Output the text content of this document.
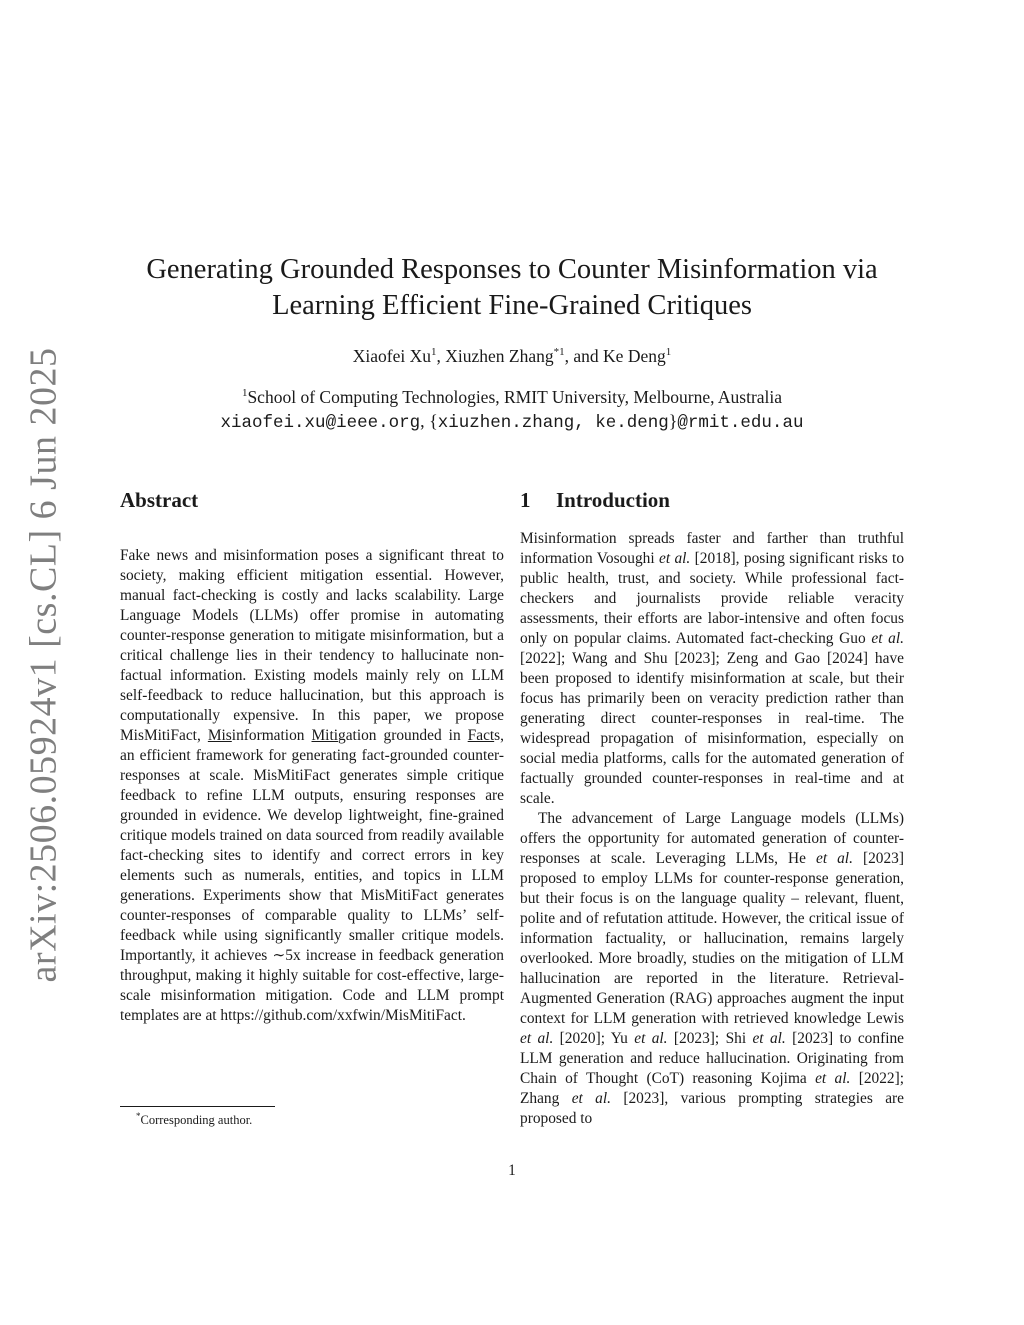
arXiv:2506.05924v1 [cs.CL] 6 Jun 2025
Generating Grounded Responses to Counter Misinformation via
Learning Efficient Fine-Grained Critiques
Xiaofei Xu$^1$, Xiuzhen Zhang$^{*1}$, and Ke Deng$^1$
$^1$School of Computing Technologies, RMIT University, Melbourne, Australia
xiaofei.xu@ieee.org, {xiuzhen.zhang, ke.deng}@rmit.edu.au
Abstract

Fake news and misinformation poses a significant threat to society, making efficient mitigation essential. However, manual fact-checking is costly and lacks scalability. Large Language Models (LLMs) offer promise in automating counter-response generation to mitigate misinformation, but a critical challenge lies in their tendency to hallucinate non-factual information. Existing models mainly rely on LLM self-feedback to reduce hallucination, but this approach is computationally expensive. In this paper, we propose MisMitiFact, Misinformation Mitigation grounded in Facts, an efficient framework for generating fact-grounded counter-responses at scale. MisMitiFact generates simple critique feedback to refine LLM outputs, ensuring responses are grounded in evidence. We develop lightweight, fine-grained critique models trained on data sourced from readily available fact-checking sites to identify and correct errors in key elements such as numerals, entities, and topics in LLM generations. Experiments show that MisMitiFact generates counter-responses of comparable quality to LLMs’ self-feedback while using significantly smaller critique models. Importantly, it achieves ∼5x increase in feedback generation throughput, making it highly suitable for cost-effective, large-scale misinformation mitigation. Code and LLM prompt templates are at https://github.com/xxfwin/MisMitiFact.

*Corresponding author.
1 Introduction

Misinformation spreads faster and farther than truthful information Vosoughi et al. [2018], posing significant risks to public health, trust, and society. While professional fact-checkers and journalists provide reliable veracity assessments, their efforts are labor-intensive and often focus only on popular claims. Automated fact-checking Guo et al. [2022]; Wang and Shu [2023]; Zeng and Gao [2024] have been proposed to identify misinformation at scale, but their focus has primarily been on veracity prediction rather than generating direct counter-responses in real-time. The widespread propagation of misinformation, especially on social media platforms, calls for the automated generation of factually grounded counter-responses in real-time and at scale.

The advancement of Large Language models (LLMs) offers the opportunity for automated generation of counter-responses at scale. Leveraging LLMs, He et al. [2023] proposed to employ LLMs for counter-response generation, but their focus is on the language quality – relevant, fluent, polite and of refutation attitude. However, the critical issue of information factuality, or hallucination, remains largely overlooked. More broadly, studies on the mitigation of LLM hallucination are reported in the literature. Retrieval-Augmented Generation (RAG) approaches augment the input context for LLM generation with retrieved knowledge Lewis et al. [2020]; Yu et al. [2023]; Shi et al. [2023] to confine LLM generation and reduce hallucination. Originating from Chain of Thought (CoT) reasoning Kojima et al. [2022]; Zhang et al. [2023], various prompting strategies are proposed to

1
